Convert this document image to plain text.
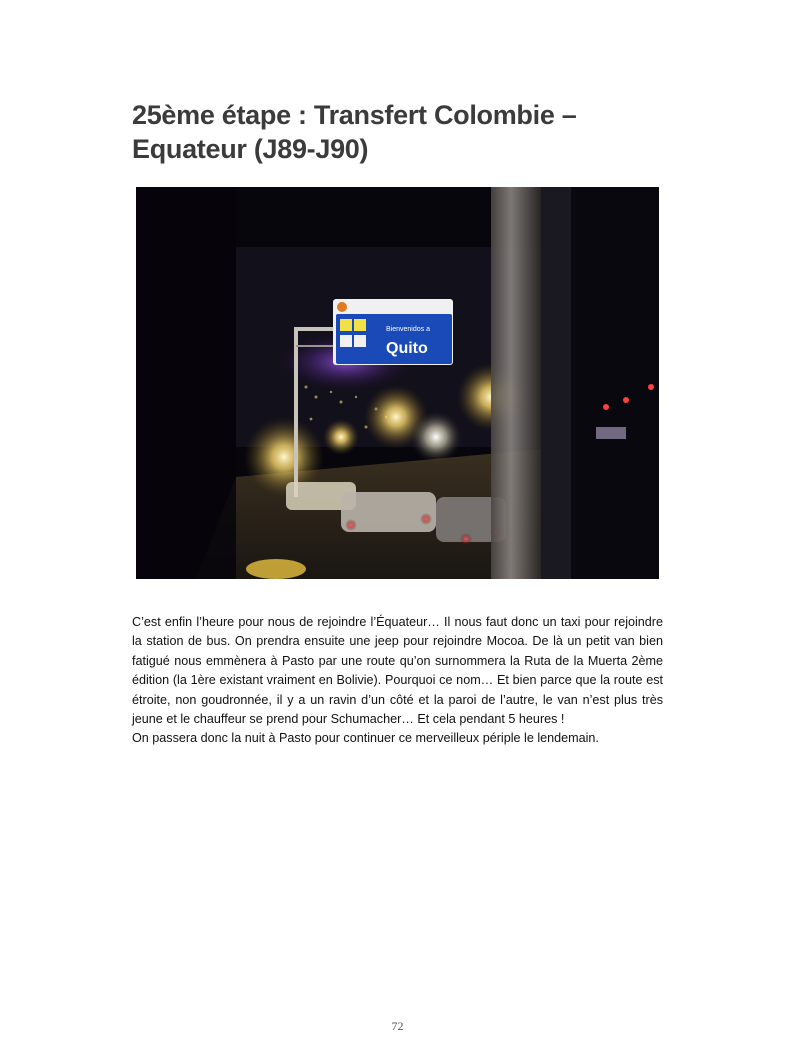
25ème étape : Transfert Colombie – Equateur (J89-J90)
Bienvenidos a
Quito

C’est enfin l’heure pour nous de rejoindre l’Équateur… Il nous faut donc un taxi pour rejoindre la station de bus. On prendra ensuite une jeep pour rejoindre Mocoa. De là un petit van bien fatigué nous emmènera à Pasto par une route qu’on surnommera la Ruta de la Muerta 2ème édition (la 1ère existant vraiment en Bolivie). Pourquoi ce nom… Et bien parce que la route est étroite, non goudronnée, il y a un ravin d’un côté et la paroi de l’autre, le van n’est plus très jeune et le chauffeur se prend pour Schumacher… Et cela pendant 5 heures !

On passera donc la nuit à Pasto pour continuer ce merveilleux périple le lendemain.

72
